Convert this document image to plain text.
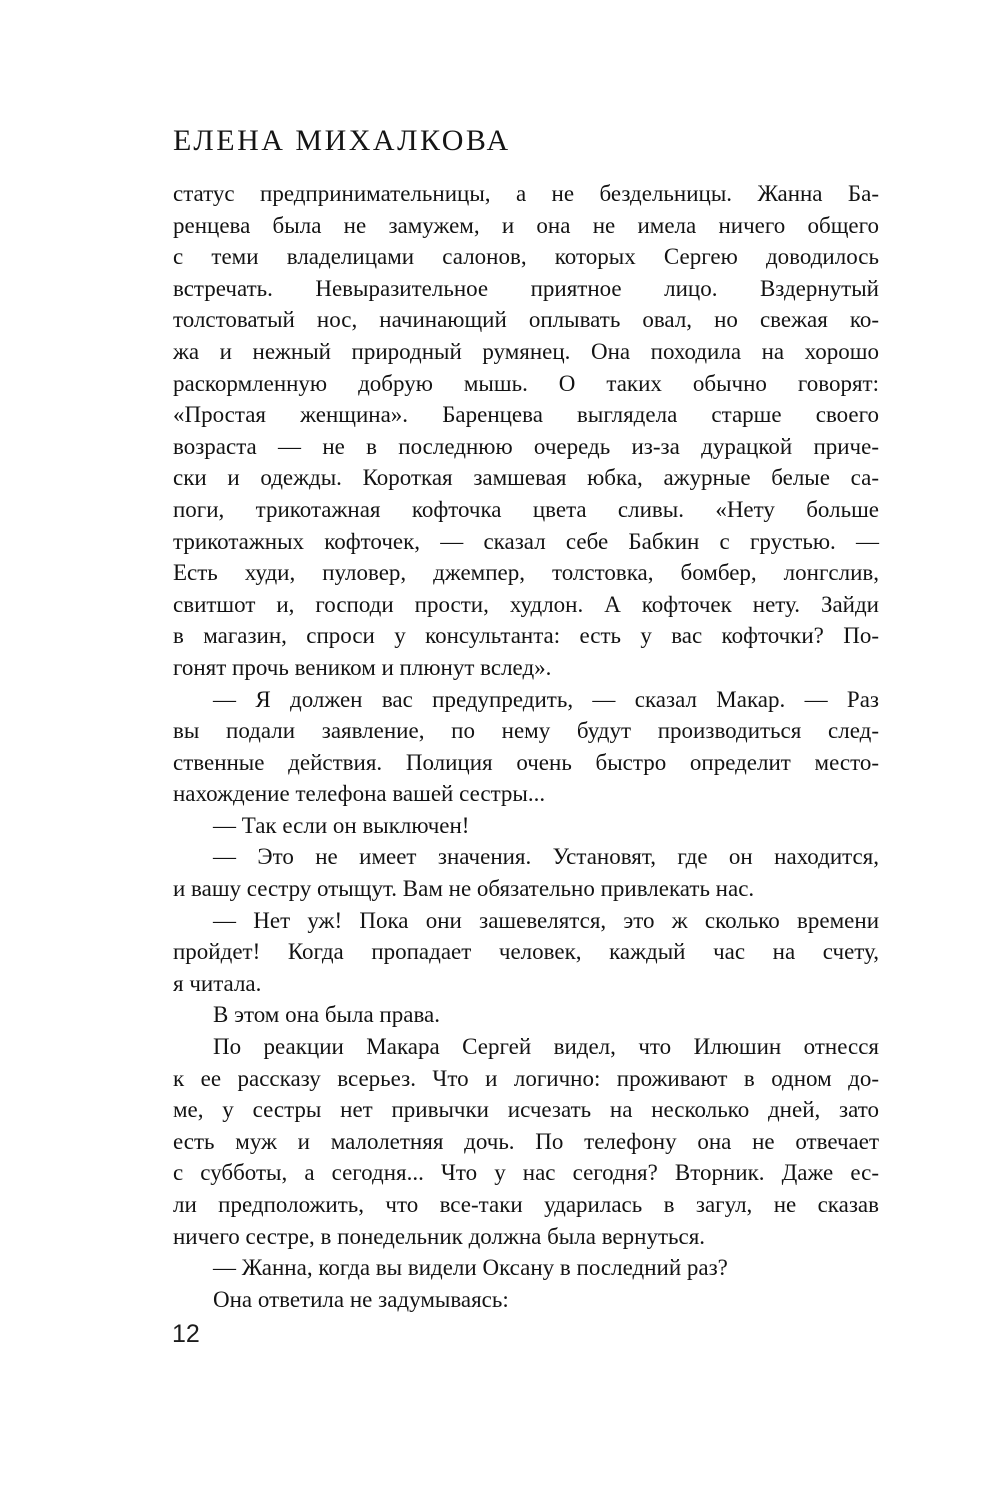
ЕЛЕНА МИХАЛКОВА
статус предпринимательницы, а не бездельницы. Жанна Ба-
ренцева была не замужем, и она не имела ничего общего
с теми владелицами салонов, которых Сергею доводилось
встречать. Невыразительное приятное лицо. Вздернутый
толстоватый нос, начинающий оплывать овал, но свежая ко-
жа и нежный природный румянец. Она походила на хорошо
раскормленную добрую мышь. О таких обычно говорят:
«Простая женщина». Баренцева выглядела старше своего
возраста — не в последнюю очередь из-за дурацкой приче-
ски и одежды. Короткая замшевая юбка, ажурные белые са-
поги, трикотажная кофточка цвета сливы. «Нету больше
трикотажных кофточек, — сказал себе Бабкин с грустью. —
Есть худи, пуловер, джемпер, толстовка, бомбер, лонгслив,
свитшот и, господи прости, худлон. А кофточек нету. Зайди
в магазин, спроси у консультанта: есть у вас кофточки? По-
гонят прочь веником и плюнут вслед».
— Я должен вас предупредить, — сказал Макар. — Раз
вы подали заявление, по нему будут производиться след-
ственные действия. Полиция очень быстро определит место-
нахождение телефона вашей сестры...
— Так если он выключен!
— Это не имеет значения. Установят, где он находится,
и вашу сестру отыщут. Вам не обязательно привлекать нас.
— Нет уж! Пока они зашевелятся, это ж сколько времени
пройдет! Когда пропадает человек, каждый час на счету,
я читала.
В этом она была права.
По реакции Макара Сергей видел, что Илюшин отнесся
к ее рассказу всерьез. Что и логично: проживают в одном до-
ме, у сестры нет привычки исчезать на несколько дней, зато
есть муж и малолетняя дочь. По телефону она не отвечает
с субботы, а сегодня... Что у нас сегодня? Вторник. Даже ес-
ли предположить, что все-таки ударилась в загул, не сказав
ничего сестре, в понедельник должна была вернуться.
— Жанна, когда вы видели Оксану в последний раз?
Она ответила не задумываясь:
12
